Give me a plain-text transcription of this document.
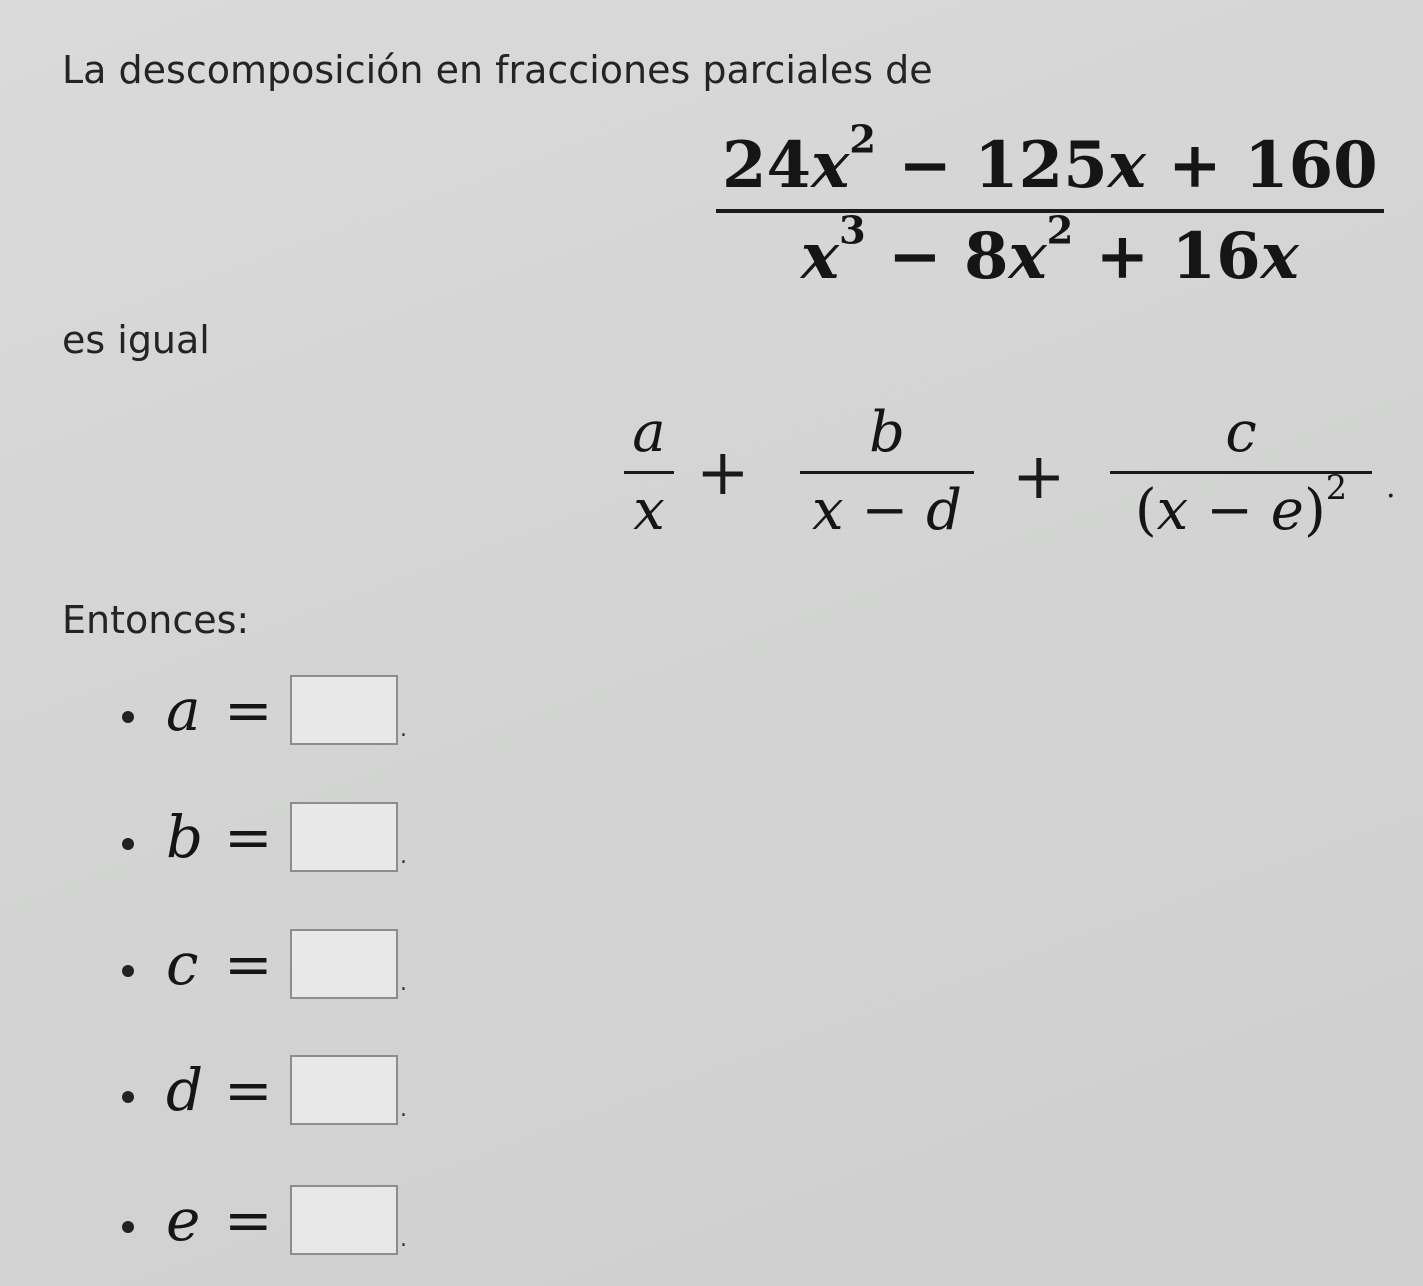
La descomposición en fracciones parciales de
$24x^2 - 125x + 160$
$x^3 - 8x^2 + 16x$
es igual
a
x
+
b
x − d +
c
$(x - e)^2$ .
Entonces:
a =	.
b =	.
c =	.
d =	.
e =	.
